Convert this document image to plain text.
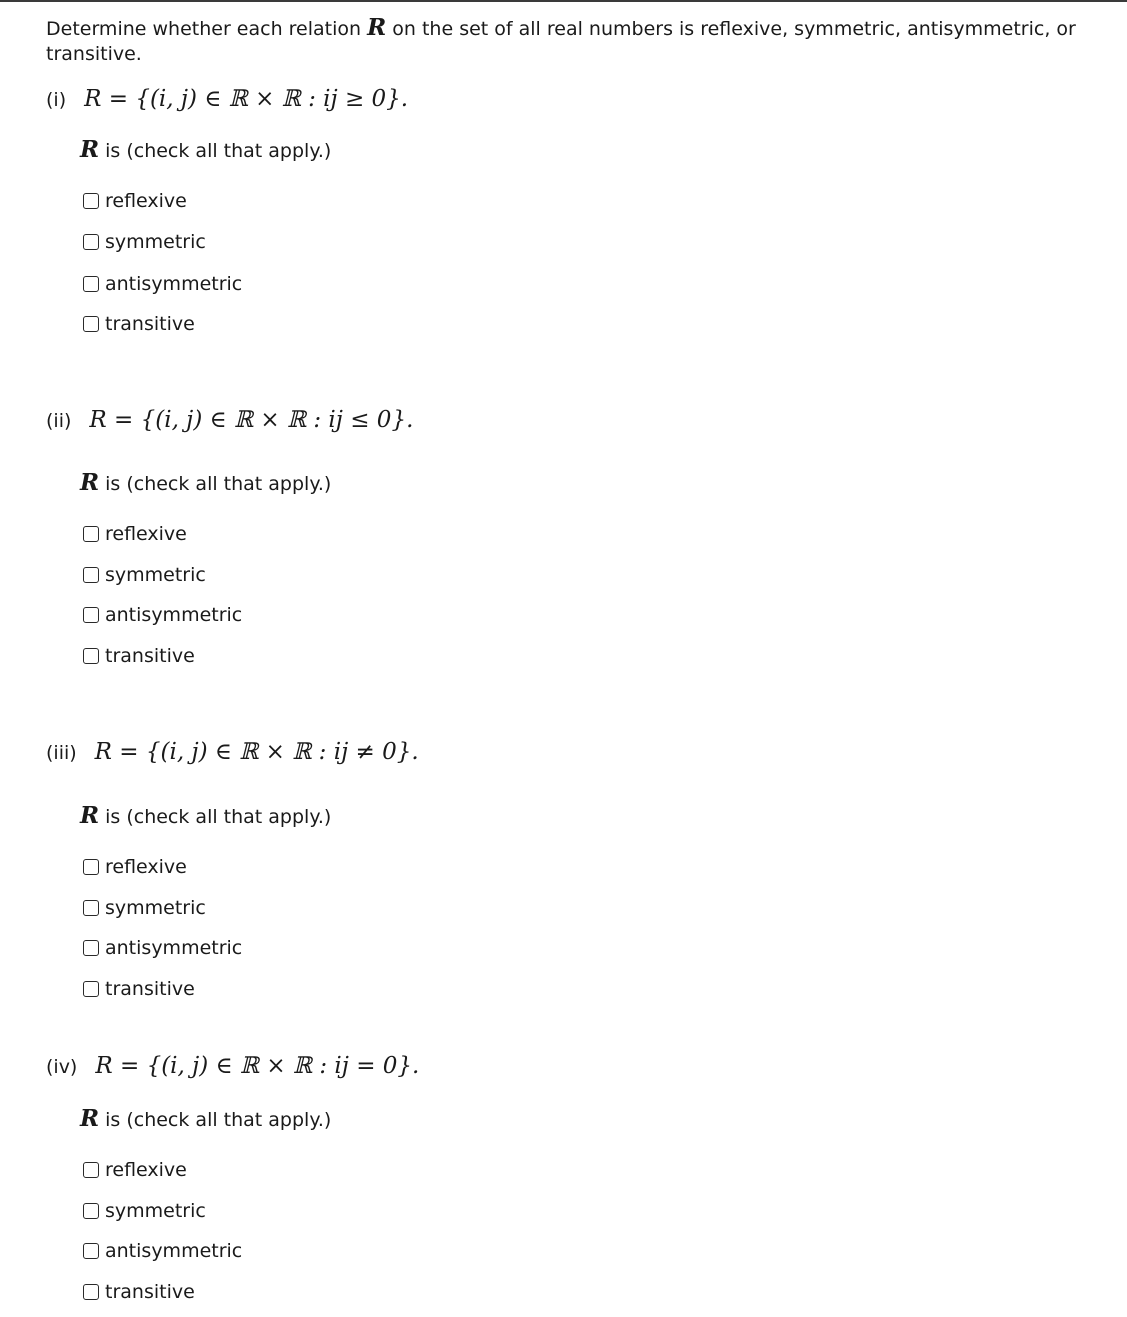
Determine whether each relation R on the set of all real numbers is reflexive, symmetric, antisymmetric, or transitive.
(i) R = {(i, j) ∈ ℝ × ℝ : ij ≥ 0}.
R is (check all that apply.)
reflexive
symmetric
antisymmetric
transitive
(ii) R = {(i, j) ∈ ℝ × ℝ : ij ≤ 0}.
R is (check all that apply.)
reflexive
symmetric
antisymmetric
transitive
(iii) R = {(i, j) ∈ ℝ × ℝ : ij ≠ 0}.
R is (check all that apply.)
reflexive
symmetric
antisymmetric
transitive
(iv) R = {(i, j) ∈ ℝ × ℝ : ij = 0}.
R is (check all that apply.)
reflexive
symmetric
antisymmetric
transitive
